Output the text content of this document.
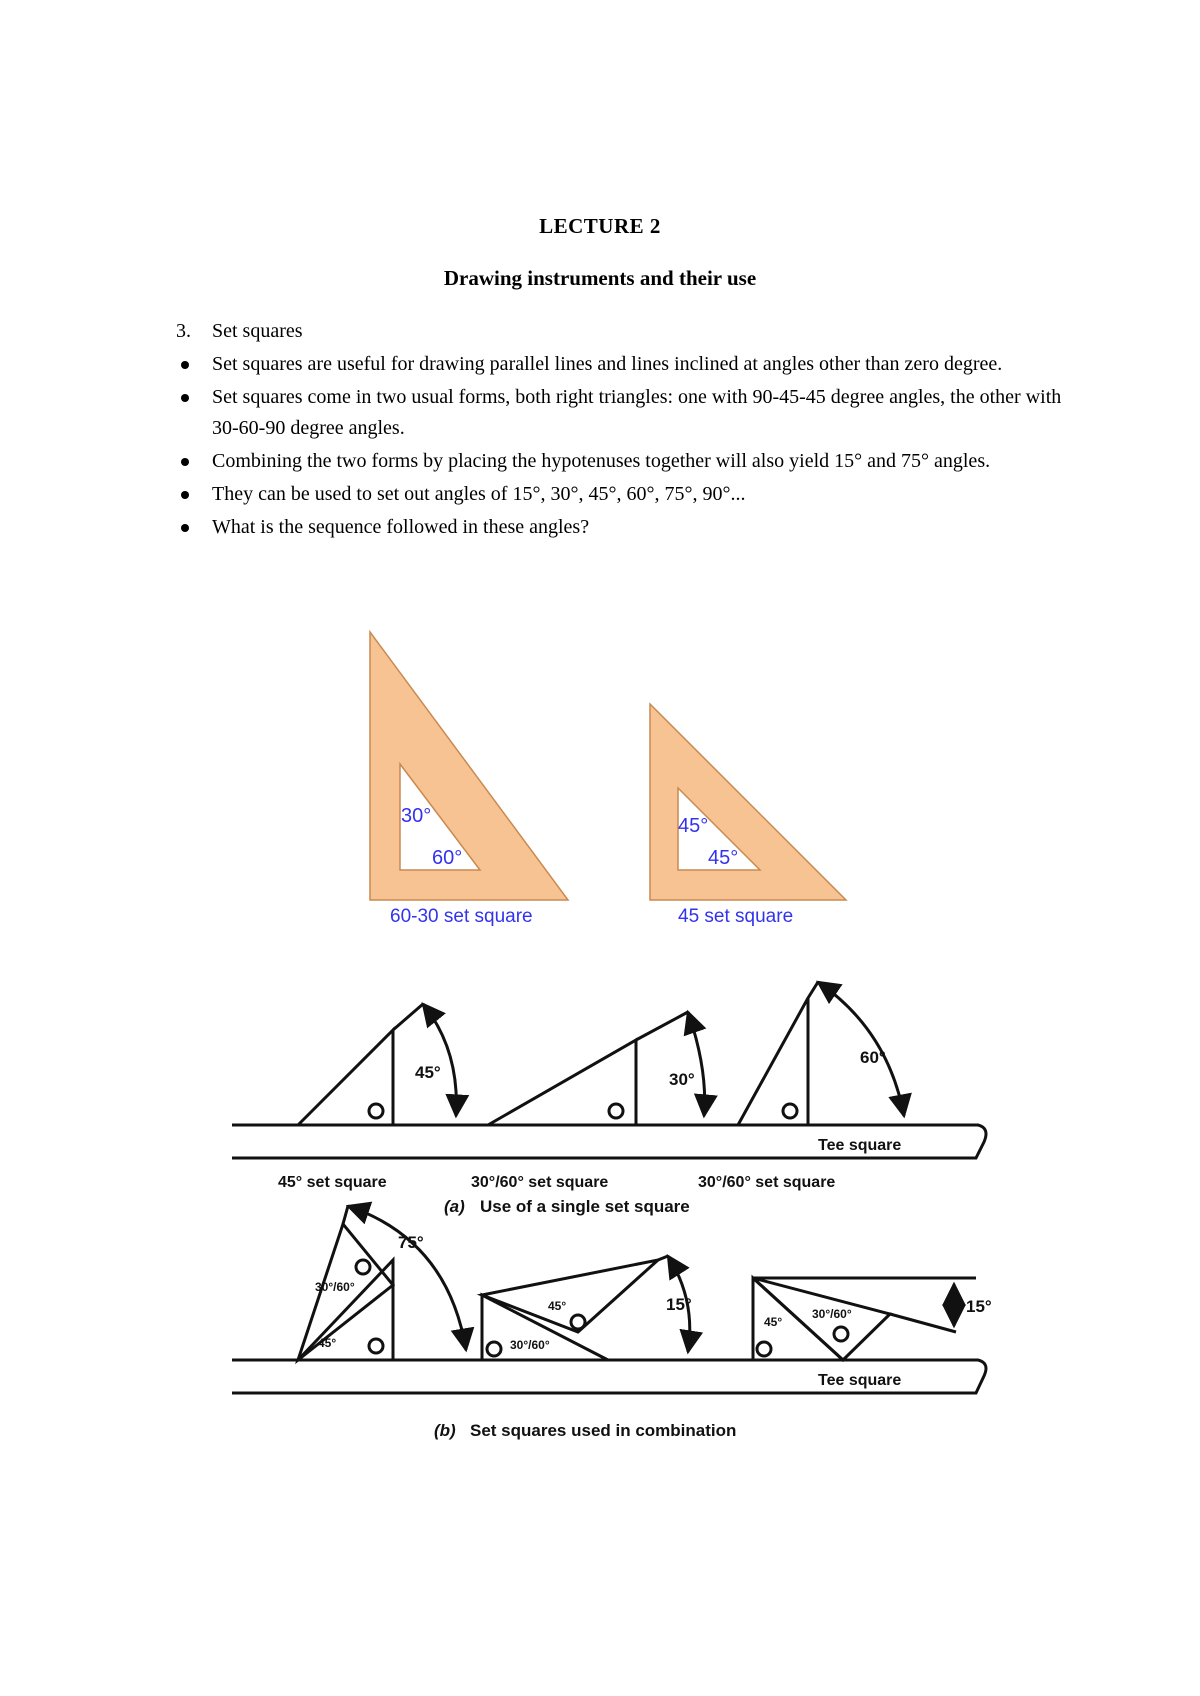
LECTURE 2
Drawing instruments and their use
3.	Set squares
Set squares are useful for drawing parallel lines and lines inclined at angles other than zero degree.
Set squares come in two usual forms, both right triangles: one with 90-45-45 degree angles, the other with 30-60-90 degree angles.
Combining the two forms by placing the hypotenuses together will also yield 15° and 75° angles.
They can be used to set out angles of 15°, 30°, 45°, 60°, 75°, 90°...
What is the sequence followed in these angles?
30°
60°
60-30 set square
45°
45°
45 set square
45°	30°
60°
Tee square
45° set square	30°/60° set square	30°/60° set square
(a) Use of a single set square
75°
15°	15°
30°/60°
45°
45°
30°/60°
45°
30°/60°
Tee square
(b) Set squares used in combination
